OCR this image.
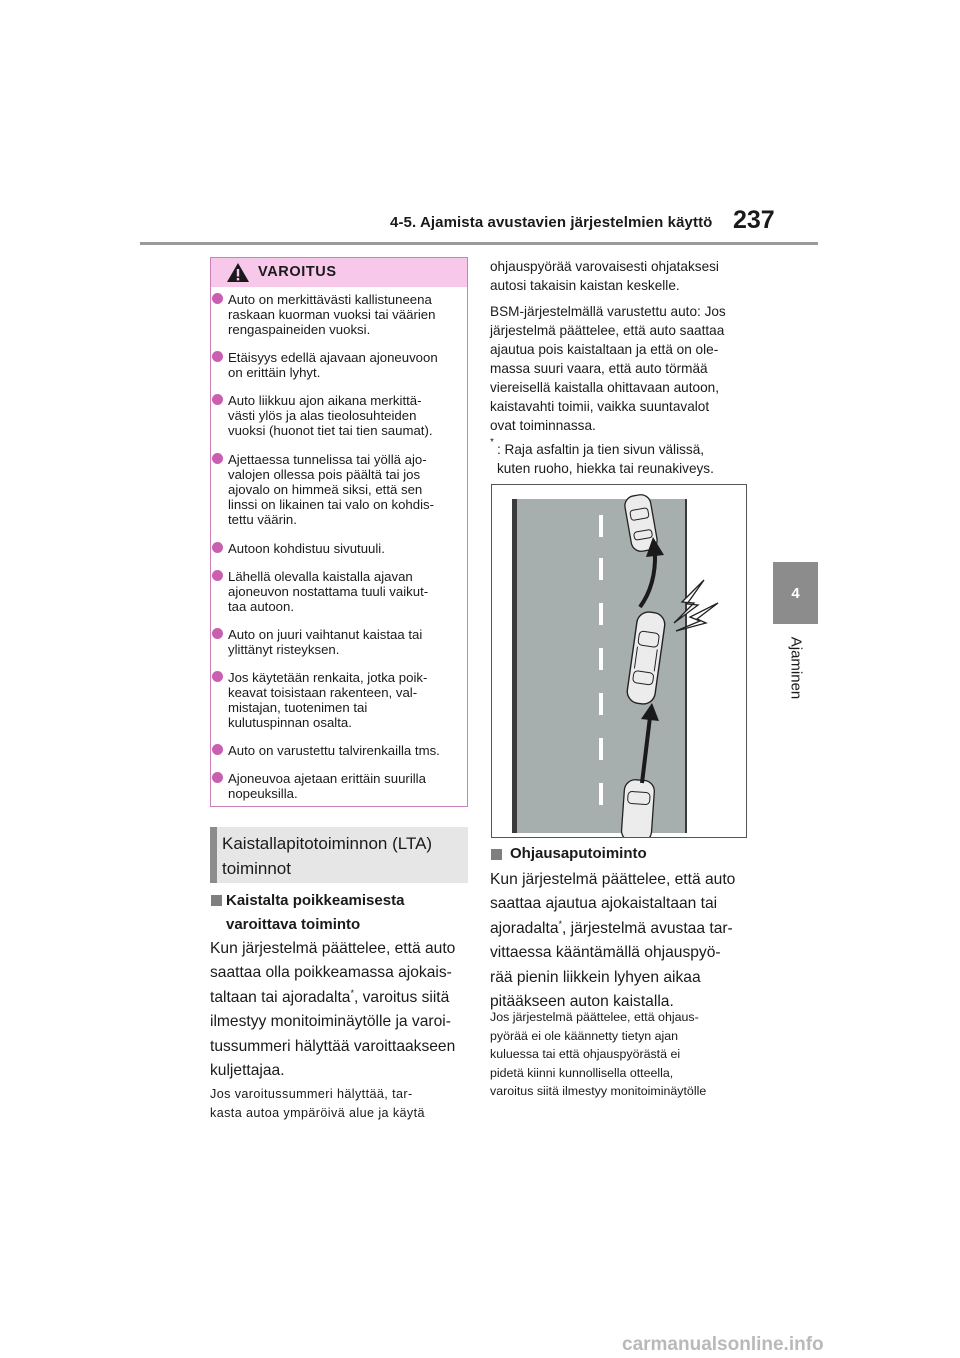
4-5. Ajamista avustavien järjestelmien käyttö 237
4
Ajaminen
VAROITUS
Auto on merkittävästi kallistuneena
raskaan kuorman vuoksi tai väärien
rengaspaineiden vuoksi.
Etäisyys edellä ajavaan ajoneuvoon
on erittäin lyhyt.
Auto liikkuu ajon aikana merkittä-
västi ylös ja alas tieolosuhteiden
vuoksi (huonot tiet tai tien saumat).
Ajettaessa tunnelissa tai yöllä ajo-
valojen ollessa pois päältä tai jos
ajovalo on himmeä siksi, että sen
linssi on likainen tai valo on kohdis-
tettu väärin.
Autoon kohdistuu sivutuuli.
Lähellä olevalla kaistalla ajavan
ajoneuvon nostattama tuuli vaikut-
taa autoon.
Auto on juuri vaihtanut kaistaa tai
ylittänyt risteyksen.
Jos käytetään renkaita, jotka poik-
keavat toisistaan rakenteen, val-
mistajan, tuotenimen tai
kulutuspinnan osalta.
Auto on varustettu talvirenkailla tms.
Ajoneuvoa ajetaan erittäin suurilla
nopeuksilla.
Kaistallapitotoiminnon (LTA)
toiminnot
Kaistalta poikkeamisesta
varoittava toiminto
Kun järjestelmä päättelee, että auto
saattaa olla poikkeamassa ajokais-
taltaan tai ajoradalta*, varoitus siitä
ilmestyy monitoiminäytölle ja varoi-
tussummeri hälyttää varoittaakseen
kuljettajaa.
Jos varoitussummeri hälyttää, tar-
kasta autoa ympäröivä alue ja käytä
ohjauspyörää varovaisesti ohjataksesi
autosi takaisin kaistan keskelle.
BSM-järjestelmällä varustettu auto: Jos
järjestelmä päättelee, että auto saattaa
ajautua pois kaistaltaan ja että on ole-
massa suuri vaara, että auto törmää
viereisellä kaistalla ohittavaan autoon,
kaistavahti toimii, vaikka suuntavalot
ovat toiminnassa.
* : Raja asfaltin ja tien sivun välissä,
kuten ruoho, hiekka tai reunakiveys.
Ohjausaputoiminto
Kun järjestelmä päättelee, että auto
saattaa ajautua ajokaistaltaan tai
ajoradalta*, järjestelmä avustaa tar-
vittaessa kääntämällä ohjauspyö-
rää pienin liikkein lyhyen aikaa
pitääkseen auton kaistalla.
Jos järjestelmä päättelee, että ohjaus-
pyörää ei ole käännetty tietyn ajan
kuluessa tai että ohjauspyörästä ei
pidetä kiinni kunnollisella otteella,
varoitus siitä ilmestyy monitoiminäytölle
carmanualsonline.info
